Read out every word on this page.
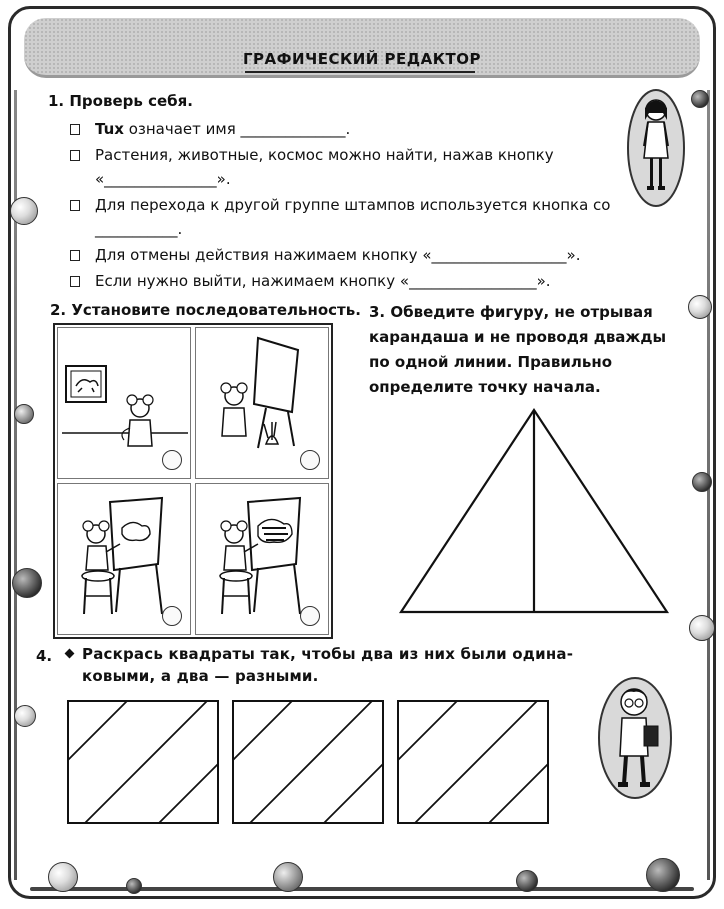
ГРАФИЧЕСКИЙ РЕДАКТОР
1. Проверь себя.
Tux означает имя ______________.
Растения, животные, космос можно найти, нажав кнопку
«_______________».
Для перехода к другой группе штампов используется кнопка со
___________.
Для отмены действия нажимаем кнопку «__________________».
Если нужно выйти, нажимаем кнопку «_________________».
2. Установите последовательность. 3. Обведите фигуру, не отрывая
карандаша и не проводя дважды
по одной линии. Правильно
определите точку начала.
4.	Раскрась квадраты так, чтобы два из них были одина-
ковыми, а два — разными.
